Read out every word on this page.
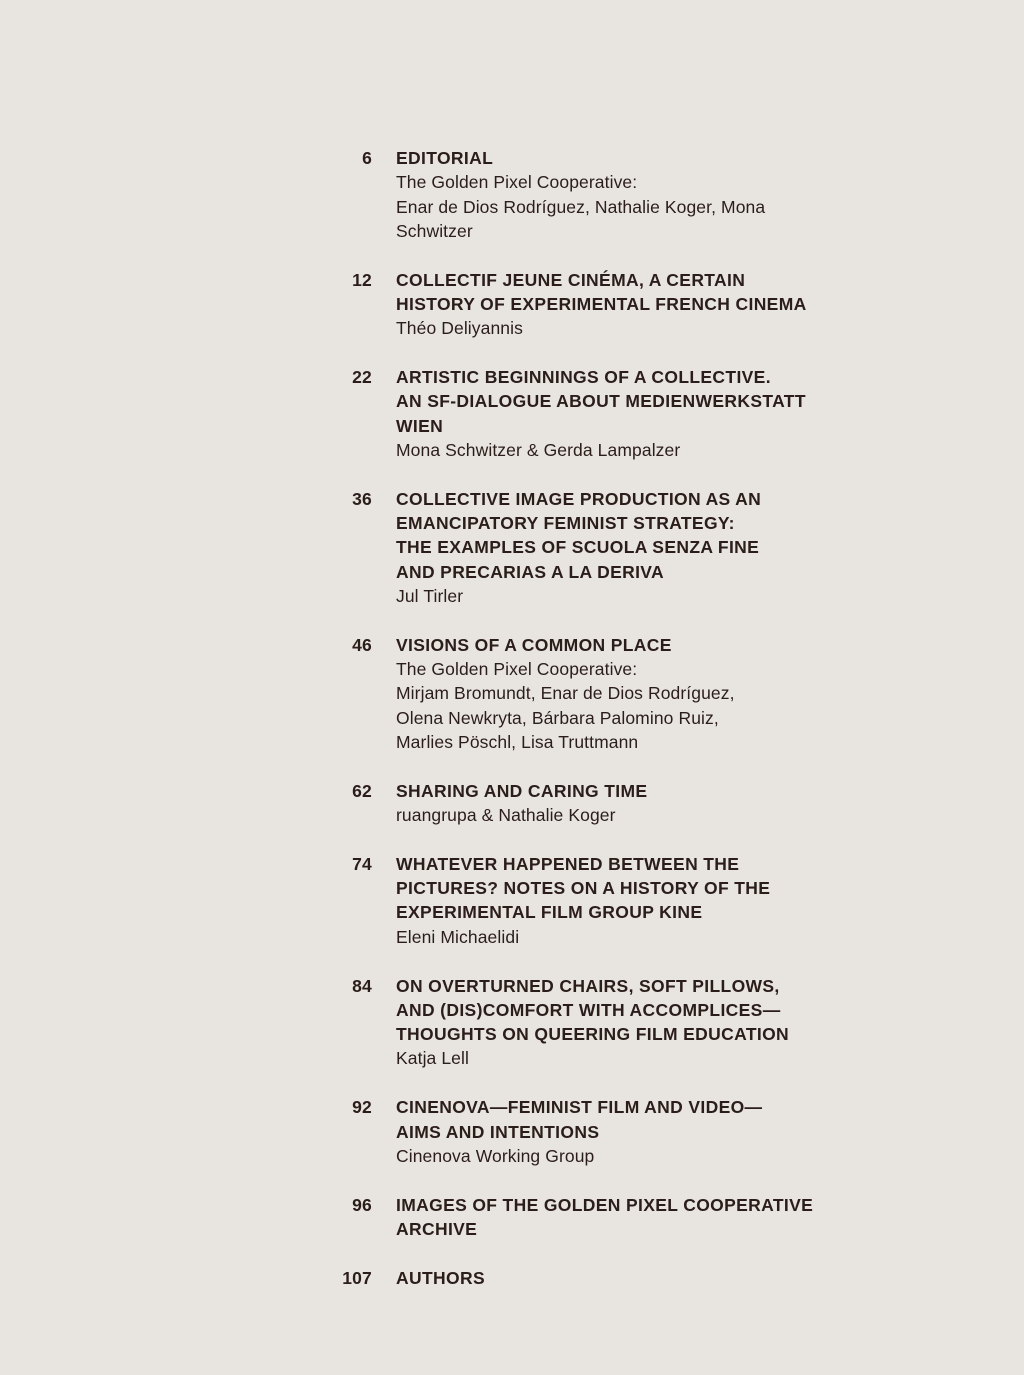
6 EDITORIAL
The Golden Pixel Cooperative:
Enar de Dios Rodríguez, Nathalie Koger, Mona
Schwitzer
12 COLLECTIF JEUNE CINÉMA, A CERTAIN
HISTORY OF EXPERIMENTAL FRENCH CINEMA
Théo Deliyannis
22 ARTISTIC BEGINNINGS OF A COLLECTIVE.
AN SF-DIALOGUE ABOUT MEDIENWERKSTATT
WIEN
Mona Schwitzer & Gerda Lampalzer
36 COLLECTIVE IMAGE PRODUCTION AS AN
EMANCIPATORY FEMINIST STRATEGY:
THE EXAMPLES OF SCUOLA SENZA FINE
AND PRECARIAS A LA DERIVA
Jul Tirler
46 VISIONS OF A COMMON PLACE
The Golden Pixel Cooperative:
Mirjam Bromundt, Enar de Dios Rodríguez,
Olena Newkryta, Bárbara Palomino Ruiz,
Marlies Pöschl, Lisa Truttmann
62 SHARING AND CARING TIME
ruangrupa & Nathalie Koger
74 WHATEVER HAPPENED BETWEEN THE
PICTURES? NOTES ON A HISTORY OF THE
EXPERIMENTAL FILM GROUP KINE
Eleni Michaelidi
84 ON OVERTURNED CHAIRS, SOFT PILLOWS,
AND (DIS)COMFORT WITH ACCOMPLICES—
THOUGHTS ON QUEERING FILM EDUCATION
Katja Lell
92 CINENOVA—FEMINIST FILM AND VIDEO—
AIMS AND INTENTIONS
Cinenova Working Group
96 IMAGES OF THE GOLDEN PIXEL COOPERATIVE
ARCHIVE
107 AUTHORS
